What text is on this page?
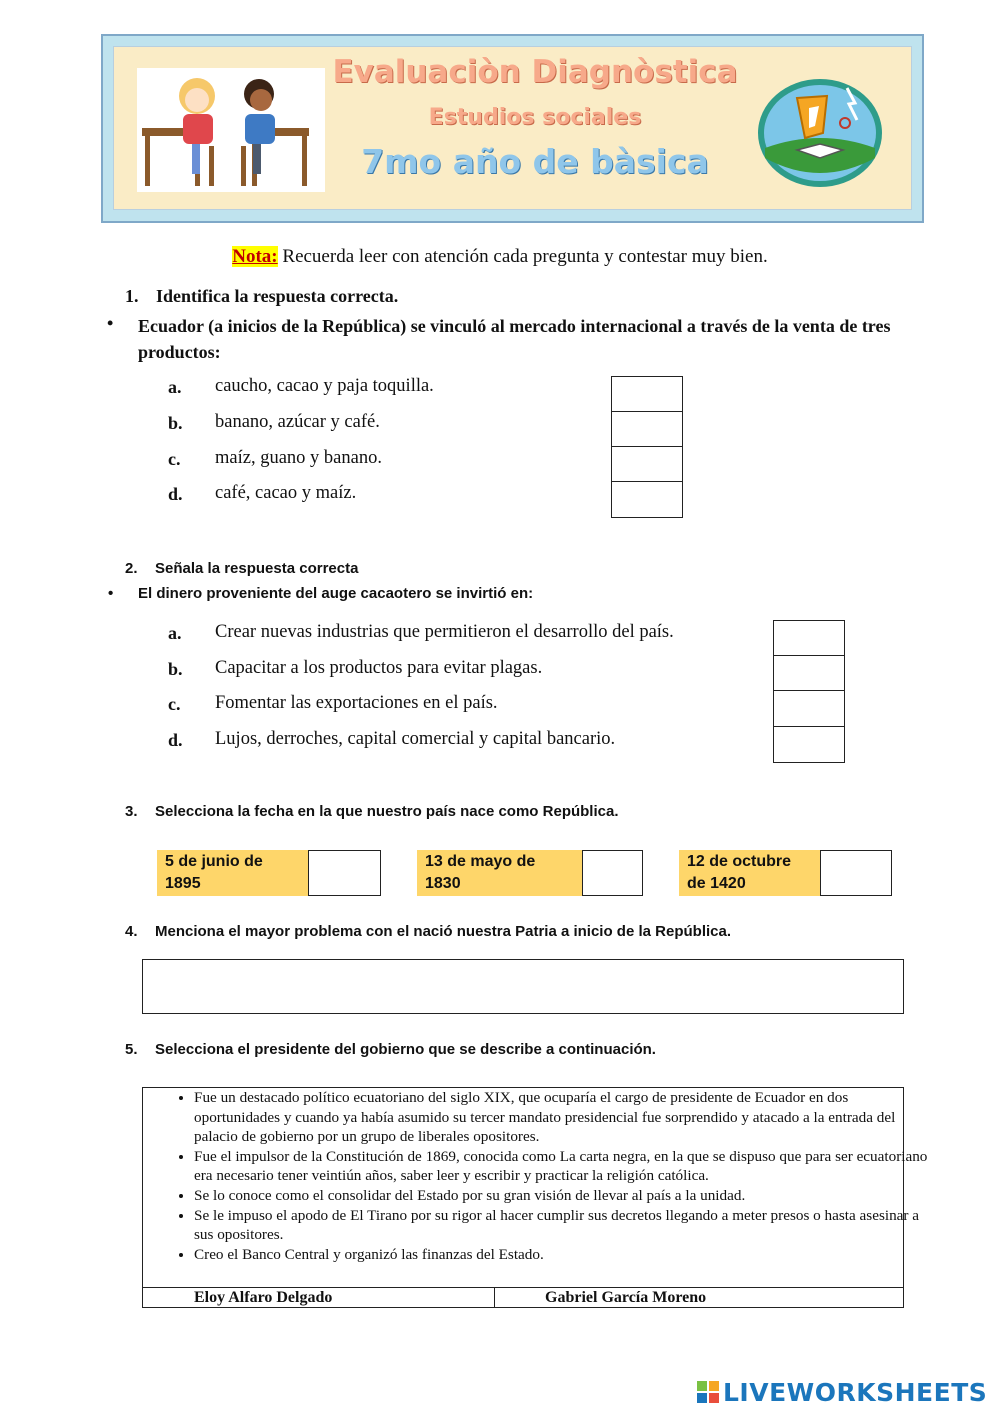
Evaluaciòn Diagnòstica
Estudios sociales
7mo año de bàsica
Nota: Recuerda leer con atención cada pregunta y contestar muy bien.
1. Identifica la respuesta correcta.
• Ecuador (a inicios de la República) se vinculó al mercado internacional a través de la venta de tres productos:
a. caucho, cacao y paja toquilla.
b. banano, azúcar y café.
c. maíz, guano y banano.
d. café, cacao y maíz.
2. Señala la respuesta correcta
• El dinero proveniente del auge cacaotero se invirtió en:
a. Crear nuevas industrias que permitieron el desarrollo del país.
b. Capacitar a los productos para evitar plagas.
c. Fomentar las exportaciones en el país.
d. Lujos, derroches, capital comercial y capital bancario.
3. Selecciona la fecha en la que nuestro país nace como República.
5 de junio de
1895
13 de mayo de
1830
12 de octubre
de 1420
4. Menciona el mayor problema con el nació nuestra Patria a inicio de la República.
5. Selecciona el presidente del gobierno que se describe a continuación.
• Fue un destacado político ecuatoriano del siglo XIX, que ocuparía el cargo de presidente de Ecuador en dos oportunidades y cuando ya había asumido su tercer mandato presidencial fue sorprendido y atacado a la entrada del palacio de gobierno por un grupo de liberales opositores.
• Fue el impulsor de la Constitución de 1869, conocida como La carta negra, en la que se dispuso que para ser ecuatoriano era necesario tener veintiún años, saber leer y escribir y practicar la religión católica.
• Se lo conoce como el consolidar del Estado por su gran visión de llevar al país a la unidad.
• Se le impuso el apodo de El Tirano por su rigor al hacer cumplir sus decretos llegando a meter presos o hasta asesinar a sus opositores.
• Creo el Banco Central y organizó las finanzas del Estado.
Eloy Alfaro Delgado	Gabriel García Moreno
LIVEWORKSHEETS
